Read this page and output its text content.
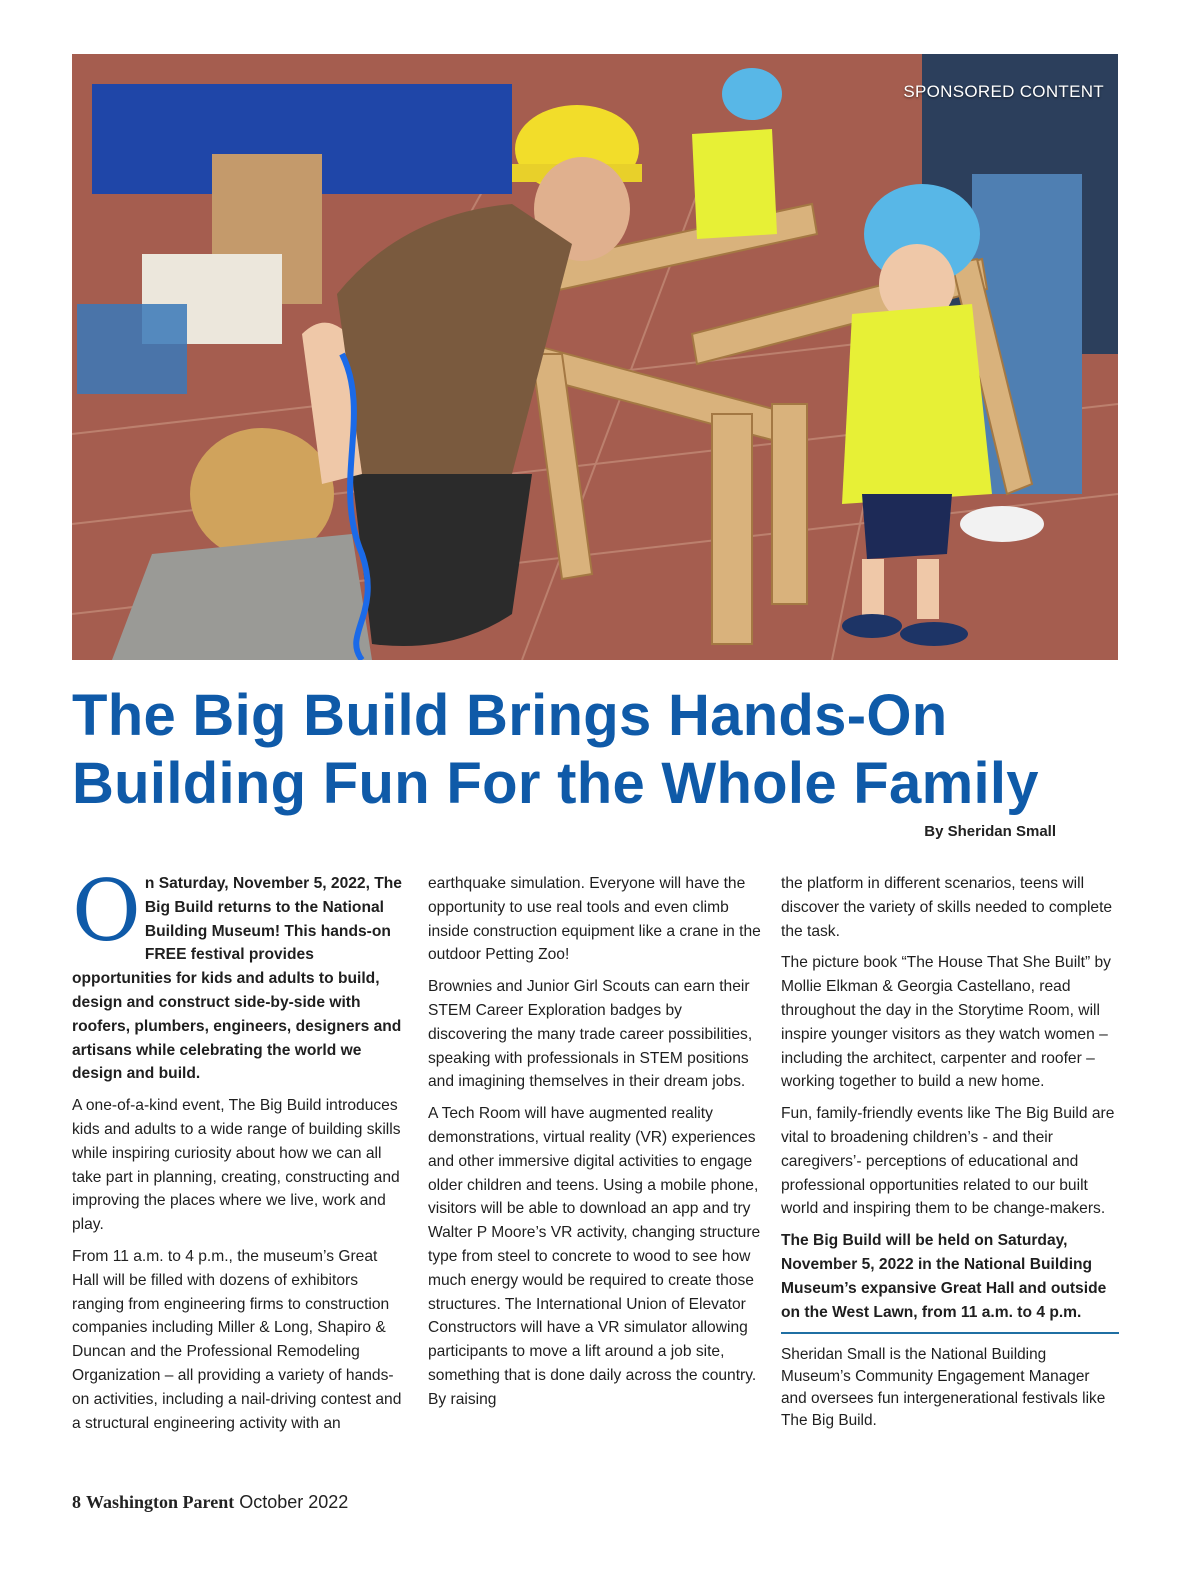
SPONSORED CONTENT
The Big Build Brings Hands-On
Building Fun For the Whole Family
By Sheridan Small

On Saturday, November 5, 2022, The Big Build returns to the National Building Museum! This hands-on FREE festival provides opportunities for kids and adults to build, design and construct side-by-side with roofers, plumbers, engineers, designers and artisans while celebrating the world we design and build.

A one-of-a-kind event, The Big Build introduces kids and adults to a wide range of building skills while inspiring curiosity about how we can all take part in planning, creating, constructing and improving the places where we live, work and play.

From 11 a.m. to 4 p.m., the museum’s Great Hall will be filled with dozens of exhibitors ranging from engineering firms to construction companies including Miller & Long, Shapiro & Duncan and the Professional Remodeling Organization – all providing a variety of hands-on activities, including a nail-driving contest and a structural engineering activity with an

earthquake simulation. Everyone will have the opportunity to use real tools and even climb inside construction equipment like a crane in the outdoor Petting Zoo!

Brownies and Junior Girl Scouts can earn their STEM Career Exploration badges by discovering the many trade career possibilities, speaking with professionals in STEM positions and imagining themselves in their dream jobs.

A Tech Room will have augmented reality demonstrations, virtual reality (VR) experiences and other immersive digital activities to engage older children and teens. Using a mobile phone, visitors will be able to download an app and try Walter P Moore’s VR activity, changing structure type from steel to concrete to wood to see how much energy would be required to create those structures. The International Union of Elevator Constructors will have a VR simulator allowing participants to move a lift around a job site, something that is done daily across the country. By raising

the platform in different scenarios, teens will discover the variety of skills needed to complete the task.

The picture book “The House That She Built” by Mollie Elkman & Georgia Castellano, read throughout the day in the Storytime Room, will inspire younger visitors as they watch women – including the architect, carpenter and roofer – working together to build a new home.

Fun, family-friendly events like The Big Build are vital to broadening children’s - and their caregivers’- perceptions of educational and professional opportunities related to our built world and inspiring them to be change-makers.

The Big Build will be held on Saturday, November 5, 2022 in the National Building Museum’s expansive Great Hall and outside on the West Lawn, from 11 a.m. to 4 p.m.

Sheridan Small is the National Building Museum’s Community Engagement Manager and oversees fun intergenerational festivals like The Big Build.

8 Washington Parent October 2022
